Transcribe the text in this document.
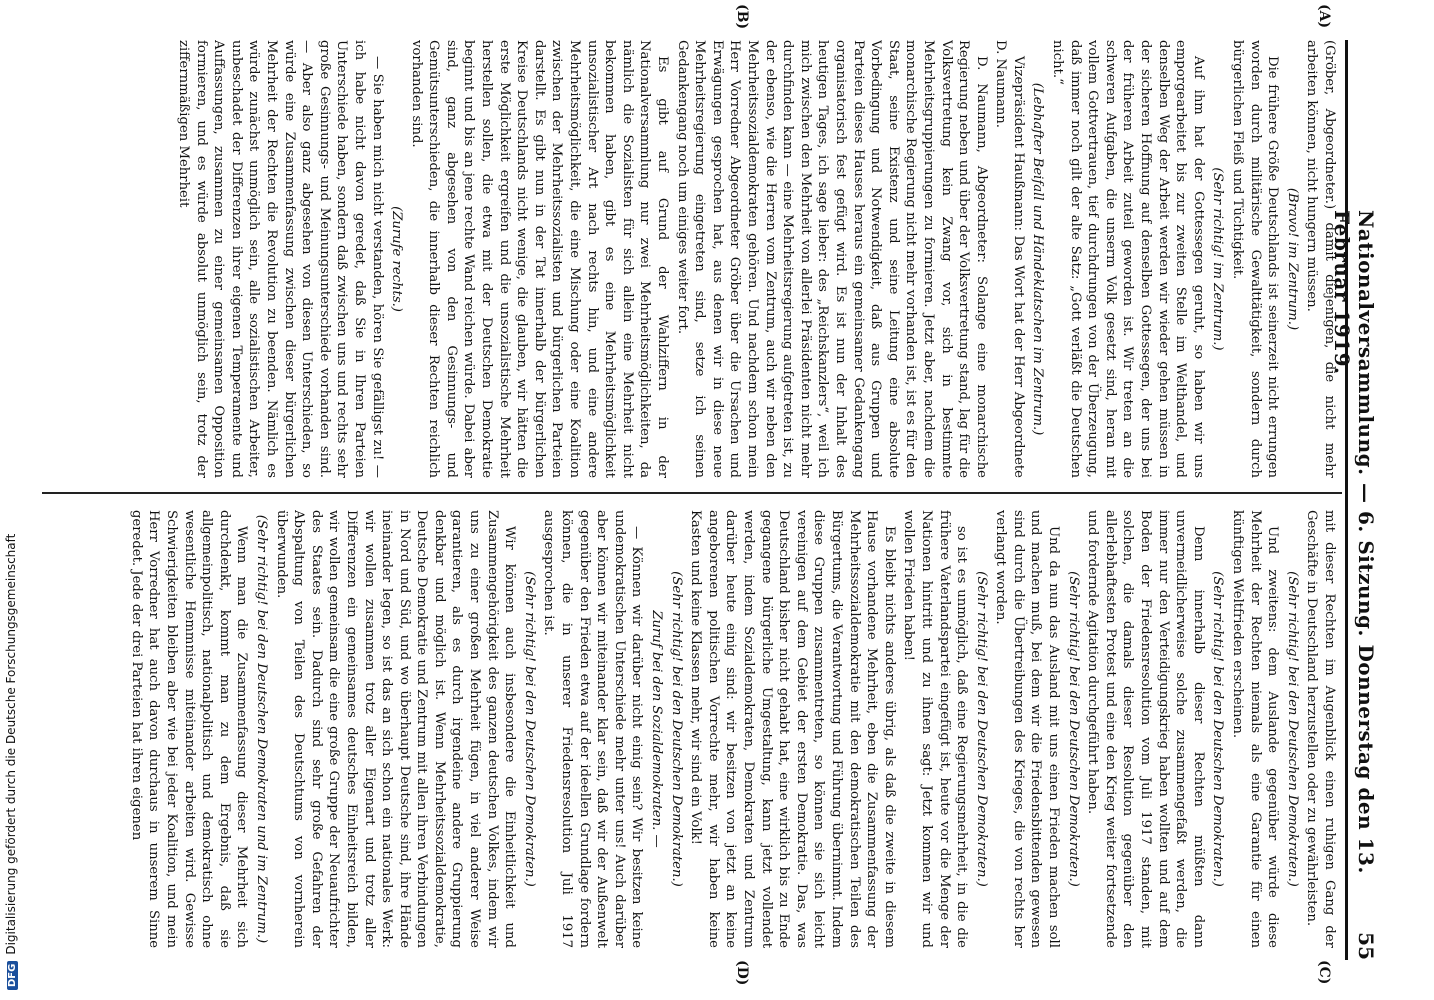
Nationalversammlung. — 6. Sitzung. Donnerstag den 13. Februar 1919.
55
(A)
(B)
(C)
(D)

(Gröber, Abgeordneter.) damit diejenigen, die nicht mehr arbeiten können, nicht hungern müssen.

(Bravo! im Zentrum.)

Die frühere Größe Deutschlands ist seinerzeit nicht errungen worden durch militärische Gewalttätigkeit, sondern durch bürgerlichen Fleiß und Tüchtigkeit.

(Sehr richtig! im Zentrum.)

Auf ihm hat der Gottessegen geruht, so haben wir uns emporgearbeitet bis zur zweiten Stelle im Welthandel, und denselben Weg der Arbeit werden wir wieder gehen müssen in der sicheren Hoffnung auf denselben Gottessegen, der uns bei der früheren Arbeit zuteil geworden ist. Wir treten an die schweren Aufgaben, die unserm Volk gesetzt sind, heran mit vollem Gottvertrauen, tief durchdrungen von der Überzeugung, daß immer noch gilt der alte Satz: „Gott verläßt die Deutschen nicht.“

(Lebhafter Beifall und Händeklatschen im Zentrum.)

Vizepräsident Haußmann: Das Wort hat der Herr Abgeordnete D. Naumann.

D. Naumann, Abgeordneter: Solange eine monarchische Regierung neben und über der Volksvertretung stand, lag für die Volksvertretung kein Zwang vor, sich in bestimmte Mehrheitsgruppierungen zu formieren. Jetzt aber, nachdem die monarchische Regierung nicht mehr vorhanden ist, ist es für den Staat, seine Existenz und seine Leitung eine absolute Vorbedingung und Notwendigkeit, daß aus Gruppen und Parteien dieses Hauses heraus ein gemeinsamer Gedankengang organisatorisch fest gefügt wird. Es ist nun der Inhalt des heutigen Tages, ich sage lieber: des „Reichskanzlers“, weil ich mich zwischen den Mehrheit von allerlei Präsidenten nicht mehr durchfinden kann — eine Mehrheitsregierung aufgetreten ist, zu der ebenso, wie die Herren vom Zentrum, auch wir neben den Mehrheitssozialdemokraten gehören. Und nachdem schon mein Herr Vorredner Abgeordneter Gröber über die Ursachen und Erwägungen gesprochen hat, aus denen wir in diese neue Mehrheitsregierung eingetreten sind, setze ich seinen Gedankengang noch um einiges weiter fort.

Es gibt auf Grund der Wahlziffern in der Nationalversammlung nur zwei Mehrheitsmöglichkeiten, da nämlich die Sozialisten für sich allein eine Mehrheit nicht bekommen haben, gibt es eine Mehrheitsmöglichkeit unsozialistischer Art nach rechts hin, und eine andere Mehrheitsmöglichkeit, die eine Mischung oder eine Koalition zwischen der Mehrheitssozialisten und bürgerlichen Parteien darstellt. Es gibt nun in der Tat innerhalb der bürgerlichen Kreise Deutschlands nicht wenige, die glauben, wir hätten die erste Möglichkeit ergreifen und die unsozialistische Mehrheit herstellen sollen, die etwa mit der Deutschen Demokratie beginnt und bis an jene rechte Wand reichen würde. Dabei aber sind, ganz abgesehen von den Gesinnungs- und Gemütsunterschieden, die innerhalb dieser Rechten reichlich vorhanden sind.

(Zurufe rechts.)

— Sie haben mich nicht verstanden, hören Sie gefälligst zu! — ich habe nicht davon geredet, daß Sie in Ihren Parteien Unterschiede haben, sondern daß zwischen uns und rechts sehr große Gesinnungs- und Meinungsunterschiede vorhanden sind. — Aber also ganz abgesehen von diesen Unterschieden, so würde eine Zusammenfassung zwischen dieser bürgerlichen Mehrheit der Rechten die Revolution zu beenden. Nämlich es würde zunächst unmöglich sein, alle sozialistischen Arbeiter, unbeschadet der Differenzen ihrer eigenen Temperamente und Auffassungen, zusammen zu einer gemeinsamen Opposition formieren, und es würde absolut unmöglich sein, trotz der ziffernmäßigen Mehrheit

mit dieser Rechten im Augenblick einen ruhigen Gang der Geschäfte in Deutschland herzustellen oder zu gewährleisten.

(Sehr richtig! bei den Deutschen Demokraten.)

Und zweitens: dem Auslande gegenüber würde diese Mehrheit der Rechten niemals als eine Garantie für einen künftigen Weltfrieden erscheinen.

(Sehr richtig! bei den Deutschen Demokraten.)

Denn innerhalb dieser Rechten müßten dann unvermeidlicherweise solche zusammengefaßt werden, die immer nur den Verteidigungskrieg haben wollten und auf dem Boden der Friedensresolution vom Juli 1917 standen, mit solchen, die damals dieser Resolution gegenüber den allerlebhaftesten Protest und eine den Krieg weiter fortsetzende und fordernde Agitation durchgeführt haben.

(Sehr richtig! bei den Deutschen Demokraten.)

Und da nun das Ausland mit uns einen Frieden machen soll und machen muß, bei dem wir die Friedensbittenden gewesen sind durch die Übertreibungen des Krieges, die von rechts her verlangt worden.

(Sehr richtig! bei den Deutschen Demokraten.)

so ist es unmöglich, daß eine Regierungsmehrheit, in die die frühere Vaterlandspartei eingefügt ist, heute vor die Menge der Nationen hintritt und zu ihnen sagt: Jetzt kommen wir und wollen Frieden haben!

Es bleibt nichts anderes übrig, als daß die zweite in diesem Hause vorhandene Mehrheit, eben die Zusammenfassung der Mehrheitssozialdemokratie mit den demokratischen Teilen des Bürgertums, die Verantwortung und Führung übernimmt. Indem diese Gruppen zusammentreten, so können sie sich leicht vereinigen auf dem Gebiet der ersten Demokratie. Das, was Deutschland bisher nicht gehabt hat, eine wirklich bis zu Ende gegangene bürgerliche Umgestaltung, kann jetzt vollendet werden, indem Sozialdemokraten, Demokraten und Zentrum darüber heute einig sind: wir besitzen von jetzt an keine angeborenen politischen Vorrechte mehr, wir haben keine Kasten und keine Klassen mehr, wir sind ein Volk!

(Sehr richtig! bei den Deutschen Demokraten.)

Zuruf bei den Sozialdemokraten. —

— Können wir darüber nicht einig sein? Wir besitzen keine undemokratischen Unterschiede mehr unter uns! Auch darüber aber können wir miteinander klar sein, daß wir der Außenwelt gegenüber den Frieden etwa auf der ideellen Grundlage fordern können, die in unserer Friedensresolution Juli 1917 ausgesprochen ist.

(Sehr richtig! bei den Deutschen Demokraten.)

Wir können auch insbesondere die Einheitlichkeit und Zusammengehörigkeit des ganzen deutschen Volkes, indem wir uns zu einer großen Mehrheit fügen, in viel anderer Weise garantieren, als es durch irgendeine andere Gruppierung denkbar und möglich ist. Wenn Mehrheitssozialdemokratie, Deutsche Demokratie und Zentrum mit allen ihren Verbindungen in Nord und Süd, und wo überhaupt Deutsche sind, ihre Hände ineinander legen, so ist das an sich schon ein nationales Werk: wir wollen zusammen trotz aller Eigenart und trotz aller Differenzen ein gemeinsames deutsches Einheitsreich bilden, wir wollen gemeinsam die eine große Gruppe der Neuaufrichter des Staates sein. Dadurch sind sehr große Gefahren der Abspaltung von Teilen des Deutschtums von vornherein überwunden.

(Sehr richtig! bei den Deutschen Demokraten und im Zentrum.)

Wenn man die Zusammenfassung dieser Mehrheit sich durchdenkt, kommt man zu dem Ergebnis, daß sie allgemeinpolitisch, nationalpolitisch und demokratisch ohne wesentliche Hemmnisse miteinander arbeiten wird. Gewisse Schwierigkeiten bleiben aber wie bei jeder Koalition, und mein Herr Vorredner hat auch davon durchaus in unserem Sinne geredet. Jede der drei Parteien hat ihren eigenen

DFGDigitalisierung gefördert durch die Deutsche Forschungsgemeinschaft
